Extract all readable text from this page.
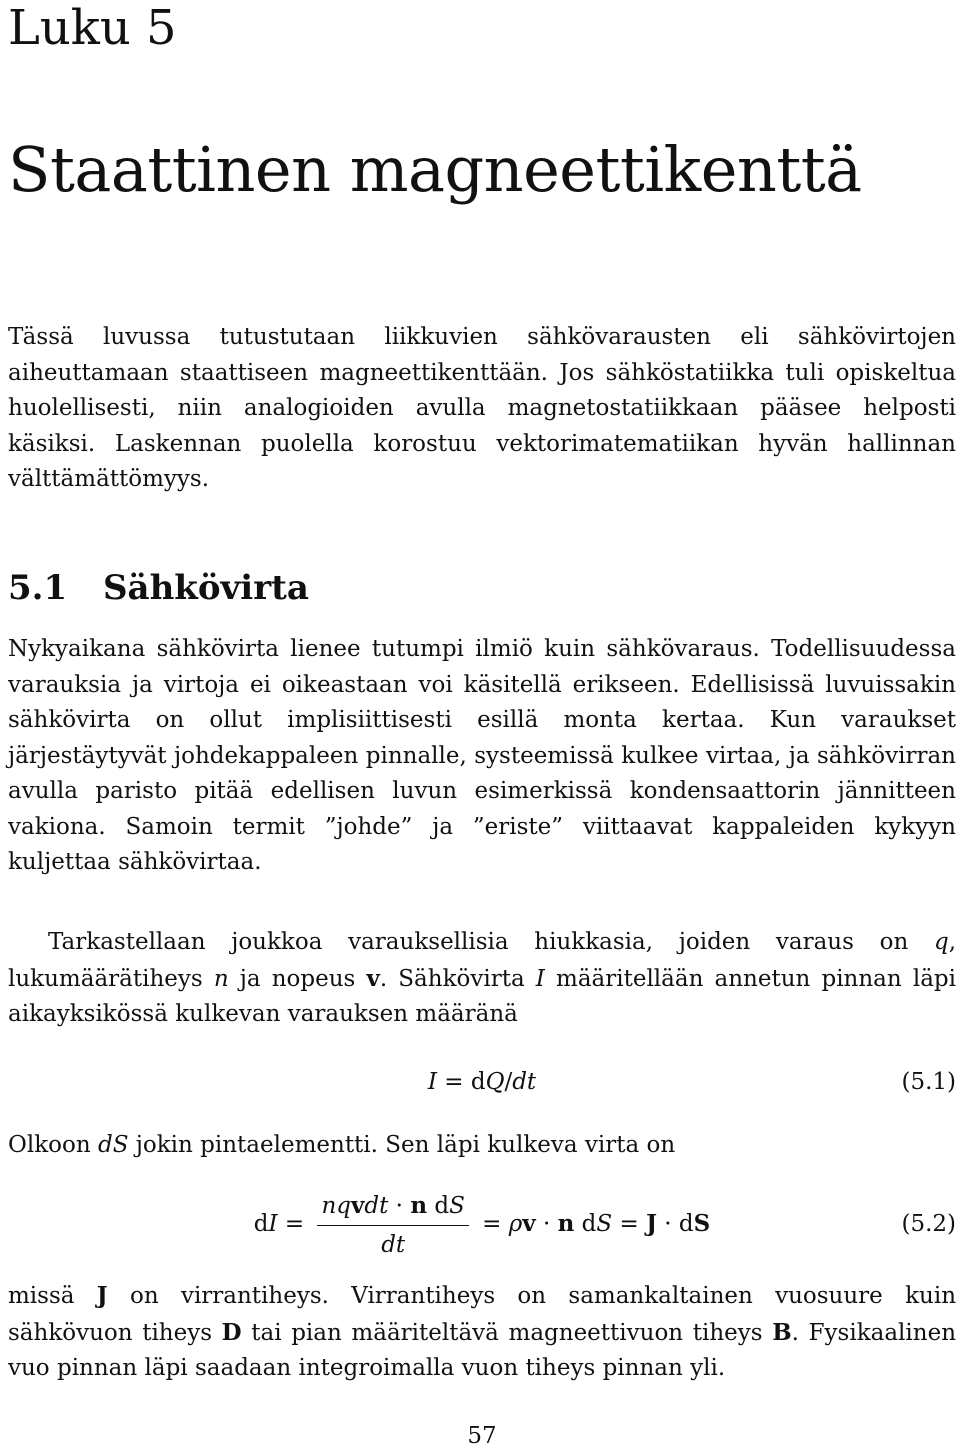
Luku 5
Staattinen magneettikenttä

Tässä luvussa tutustutaan liikkuvien sähkövarausten eli sähkövirtojen aiheuttamaan staattiseen magneettikenttään. Jos sähköstatiikka tuli opiskeltua huolellisesti, niin analogioiden avulla magnetostatiikkaan pääsee helposti käsiksi. Laskennan puolella korostuu vektorimatematiikan hyvän hallinnan välttämättömyys.

5.1 Sähkövirta

Nykyaikana sähkövirta lienee tutumpi ilmiö kuin sähkövaraus. Todellisuudessa varauksia ja virtoja ei oikeastaan voi käsitellä erikseen. Edellisissä luvuissakin sähkövirta on ollut implisiittisesti esillä monta kertaa. Kun varaukset järjestäytyvät johdekappaleen pinnalle, systeemissä kulkee virtaa, ja sähkövirran avulla paristo pitää edellisen luvun esimerkissä kondensaattorin jännitteen vakiona. Samoin termit ”johde” ja ”eriste” viittaavat kappaleiden kykyyn kuljettaa sähkövirtaa.

Tarkastellaan joukkoa varauksellisia hiukkasia, joiden varaus on q, lukumäärätiheys n ja nopeus v. Sähkövirta I määritellään annetun pinnan läpi aikayksikössä kulkevan varauksen määränä

I = dQ/dt	(5.1)

Olkoon dS jokin pintaelementti. Sen läpi kulkeva virta on

dI = $\frac{\text{nqvdt · n dS}}{dt} = \rho v \cdot n$ dS = J · dS	(5.2)

missä J on virrantiheys. Virrantiheys on samankaltainen vuosuure kuin sähkövuon tiheys D tai pian määriteltävä magneettivuon tiheys B. Fysikaalinen vuo pinnan läpi saadaan integroimalla vuon tiheys pinnan yli.

57
